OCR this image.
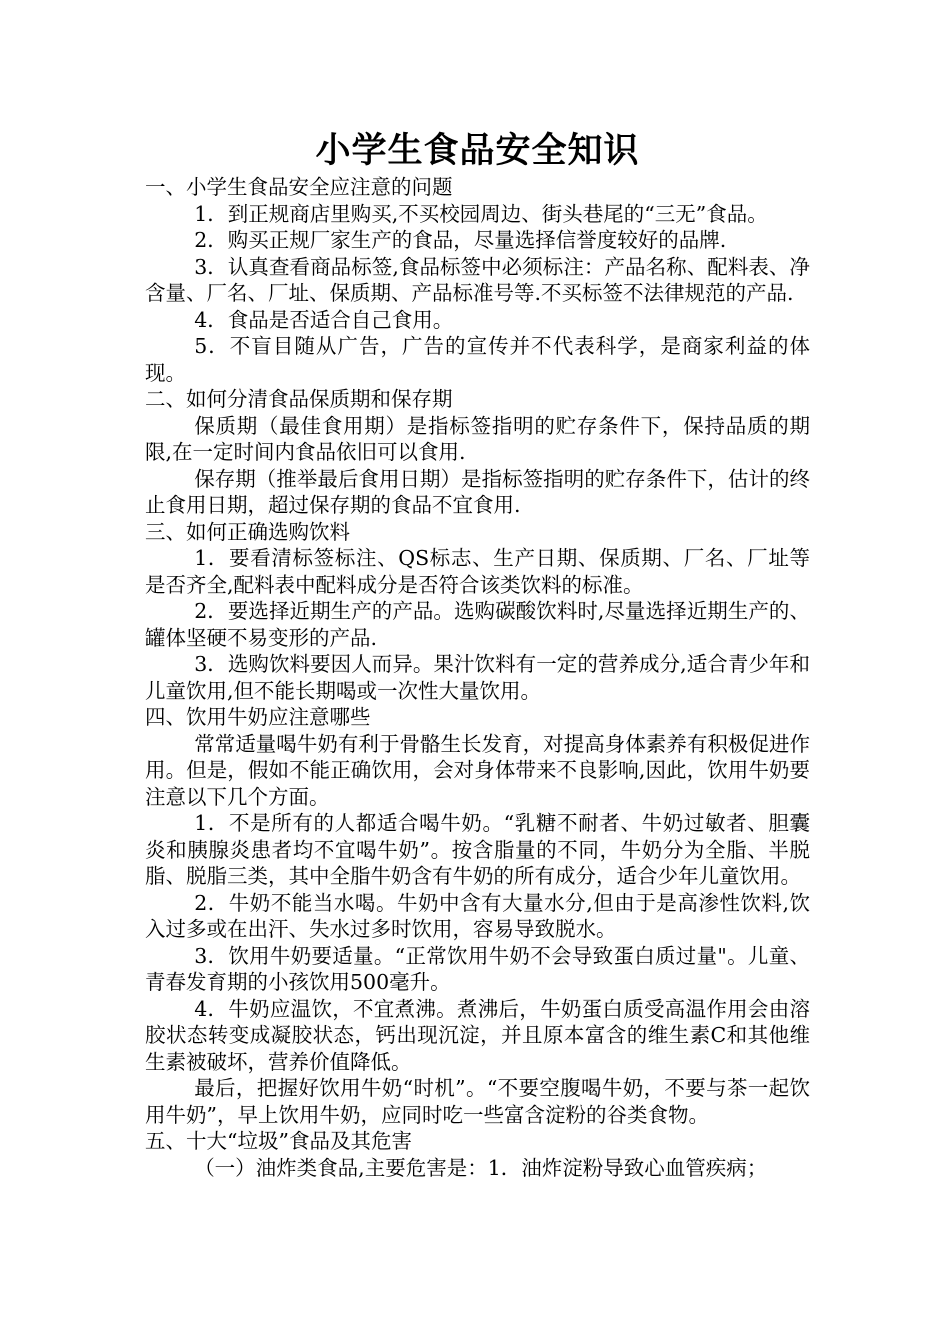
小学生食品安全知识

一、小学生食品安全应注意的问题

1．到正规商店里购买,不买校园周边、街头巷尾的“三无”食品。

2．购买正规厂家生产的食品，尽量选择信誉度较好的品牌.

3．认真查看商品标签,食品标签中必须标注：产品名称、配料表、净含量、厂名、厂址、保质期、产品标准号等.不买标签不法律规范的产品.

4．食品是否适合自己食用。

5．不盲目随从广告，广告的宣传并不代表科学，是商家利益的体现。

二、如何分清食品保质期和保存期

保质期（最佳食用期）是指标签指明的贮存条件下，保持品质的期限,在一定时间内食品依旧可以食用.

保存期（推举最后食用日期）是指标签指明的贮存条件下，估计的终止食用日期，超过保存期的食品不宜食用.

三、如何正确选购饮料

1．要看清标签标注、QS标志、生产日期、保质期、厂名、厂址等是否齐全,配料表中配料成分是否符合该类饮料的标准。

2．要选择近期生产的产品。选购碳酸饮料时,尽量选择近期生产的、罐体坚硬不易变形的产品.

3．选购饮料要因人而异。果汁饮料有一定的营养成分,适合青少年和儿童饮用,但不能长期喝或一次性大量饮用。

四、饮用牛奶应注意哪些

常常适量喝牛奶有利于骨骼生长发育，对提高身体素养有积极促进作用。但是，假如不能正确饮用，会对身体带来不良影响,因此，饮用牛奶要注意以下几个方面。

1．不是所有的人都适合喝牛奶。“乳糖不耐者、牛奶过敏者、胆囊炎和胰腺炎患者均不宜喝牛奶”。按含脂量的不同，牛奶分为全脂、半脱脂、脱脂三类，其中全脂牛奶含有牛奶的所有成分，适合少年儿童饮用。

2．牛奶不能当水喝。牛奶中含有大量水分,但由于是高渗性饮料,饮入过多或在出汗、失水过多时饮用，容易导致脱水。

3．饮用牛奶要适量。“正常饮用牛奶不会导致蛋白质过量"。儿童、青春发育期的小孩饮用500毫升。

4．牛奶应温饮，不宜煮沸。煮沸后，牛奶蛋白质受高温作用会由溶胶状态转变成凝胶状态，钙出现沉淀，并且原本富含的维生素C和其他维生素被破坏，营养价值降低。

最后，把握好饮用牛奶“时机”。“不要空腹喝牛奶，不要与茶一起饮用牛奶”，早上饮用牛奶，应同时吃一些富含淀粉的谷类食物。

五、十大“垃圾”食品及其危害

（一）油炸类食品,主要危害是：1．油炸淀粉导致心血管疾病；
